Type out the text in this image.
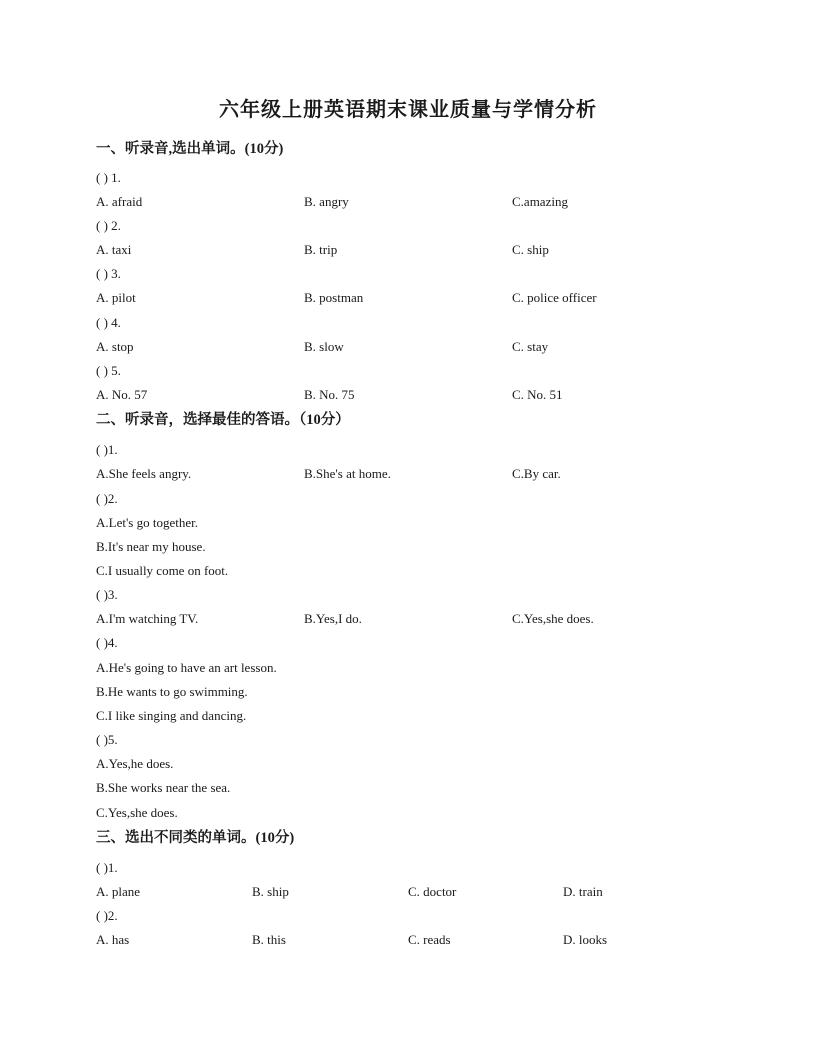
六年级上册英语期末课业质量与学情分析
一、听录音,选出单词。(10分)
( ) 1.
A. afraid	B. angry	C.amazing
( ) 2.
A. taxi	B. trip	C. ship
( ) 3.
A. pilot	B. postman	C. police officer
( ) 4.
A. stop	B. slow	C. stay
( ) 5.
A. No. 57	B. No. 75	C. No. 51
二、听录音，选择最佳的答语。（10分）
( )1.
A.She feels angry.	B.She's at home.	C.By car.
( )2.
A.Let's go together.
B.It's near my house.
C.I usually come on foot.
( )3.
A.I'm watching TV.	B.Yes,I do.	C.Yes,she does.
( )4.
A.He's going to have an art lesson.
B.He wants to go swimming.
C.I like singing and dancing.
( )5.
A.Yes,he does.
B.She works near the sea.
C.Yes,she does.
三、选出不同类的单词。(10分)
( )1.
A. plane	B. ship	C. doctor	D. train
( )2.
A. has	B. this	C. reads	D. looks
